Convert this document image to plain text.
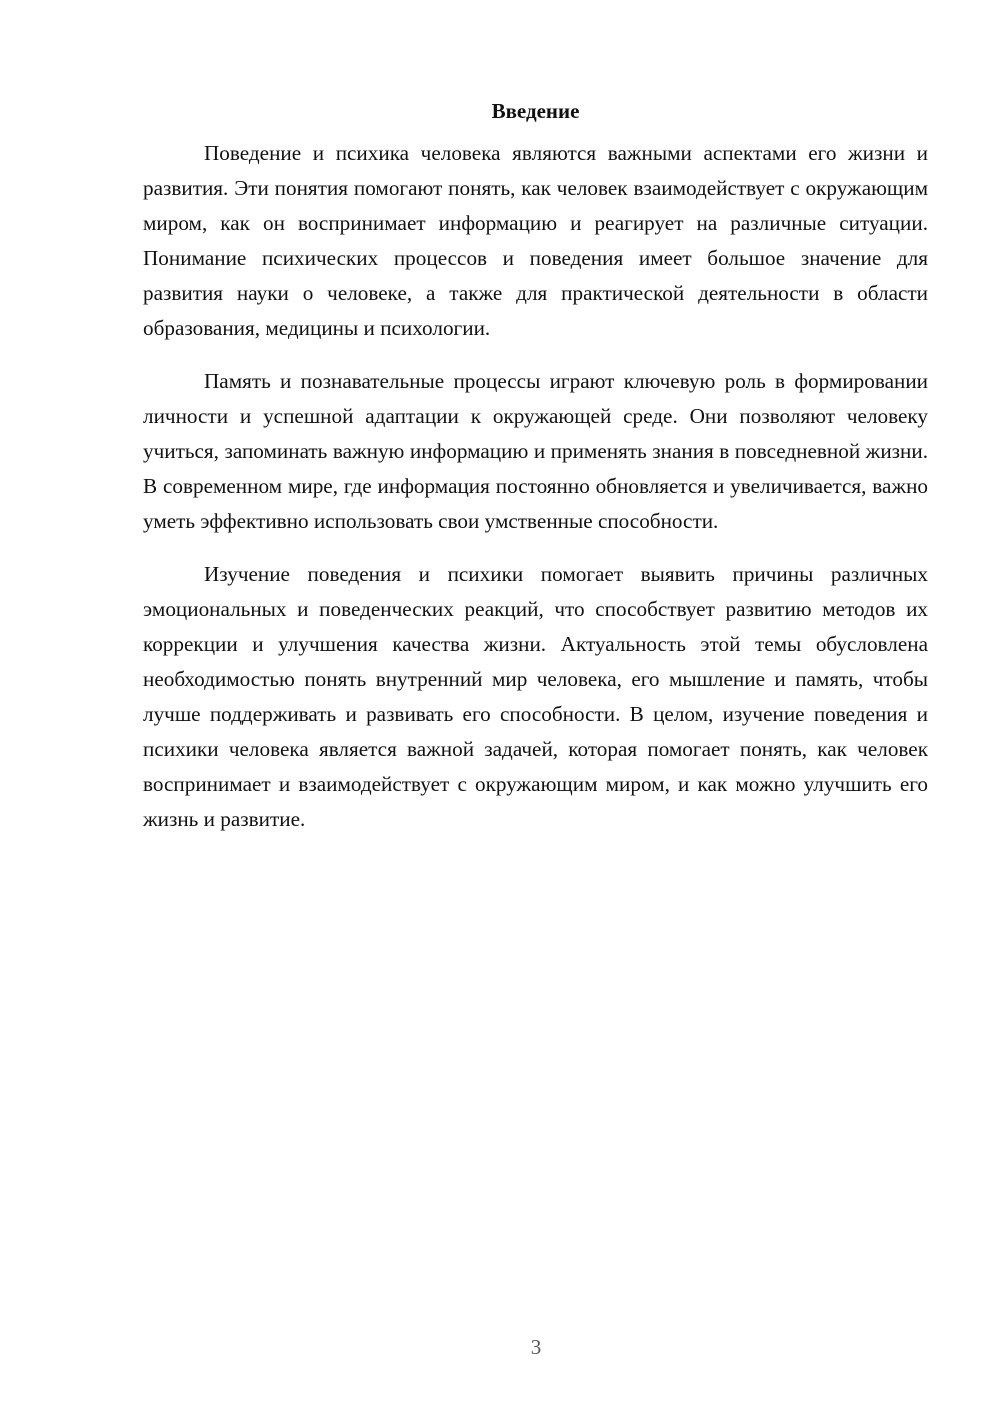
Введение

Поведение и психика человека являются важными аспектами его жизни и развития. Эти понятия помогают понять, как человек взаимодействует с окружающим миром, как он воспринимает информацию и реагирует на различные ситуации. Понимание психических процессов и поведения имеет большое значение для развития науки о человеке, а также для практической деятельности в области образования, медицины и психологии.

Память и познавательные процессы играют ключевую роль в формировании личности и успешной адаптации к окружающей среде. Они позволяют человеку учиться, запоминать важную информацию и применять знания в повседневной жизни. В современном мире, где информация постоянно обновляется и увеличивается, важно уметь эффективно использовать свои умственные способности.

Изучение поведения и психики помогает выявить причины различных эмоциональных и поведенческих реакций, что способствует развитию методов их коррекции и улучшения качества жизни. Актуальность этой темы обусловлена необходимостью понять внутренний мир человека, его мышление и память, чтобы лучше поддерживать и развивать его способности. В целом, изучение поведения и психики человека является важной задачей, которая помогает понять, как человек воспринимает и взаимодействует с окружающим миром, и как можно улучшить его жизнь и развитие.

3
